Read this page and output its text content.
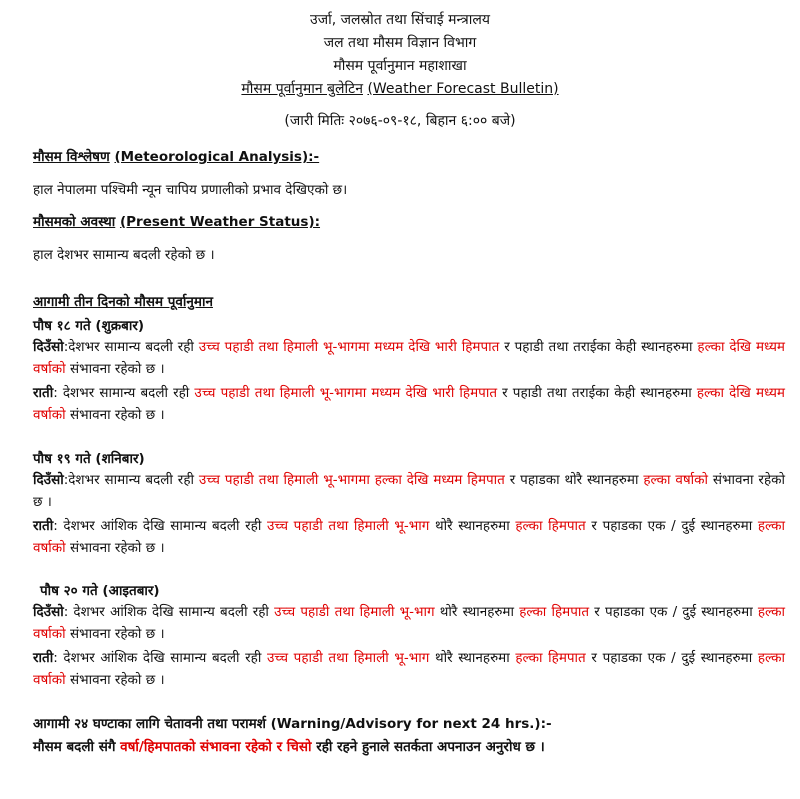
उर्जा, जलस्रोत तथा सिंचाई मन्त्रालय
जल तथा मौसम विज्ञान विभाग
मौसम पूर्वानुमान महाशाखा
मौसम पूर्वानुमान बुलेटिन (Weather Forecast Bulletin)
(जारी मितिः २०७६-०९-१८, बिहान ६:०० बजे)
मौसम विश्लेषण (Meteorological Analysis):-
हाल नेपालमा पश्चिमी न्यून चापिय प्रणालीको प्रभाव देखिएको छ।
मौसमको अवस्था (Present Weather Status):
हाल देशभर सामान्य बदली रहेको छ ।
आगामी तीन दिनको मौसम पूर्वानुमान
पौष १८ गते (शुक्रबार)
दिउँसो:देशभर सामान्य बदली रही उच्च पहाडी तथा हिमाली भू-भागमा मध्यम देखि भारी हिमपात र पहाडी तथा तराईका केही स्थानहरुमा हल्का देखि मध्यम वर्षाको संभावना रहेको छ ।
राती: देशभर सामान्य बदली रही उच्च पहाडी तथा हिमाली भू-भागमा मध्यम देखि भारी हिमपात र पहाडी तथा तराईका केही स्थानहरुमा हल्का देखि मध्यम वर्षाको संभावना रहेको छ ।
पौष १९ गते (शनिबार)
दिउँसो:देशभर सामान्य बदली रही उच्च पहाडी तथा हिमाली भू-भागमा हल्का देखि मध्यम हिमपात र पहाडका थोरै स्थानहरुमा हल्का वर्षाको संभावना रहेको छ ।
राती: देशभर आंशिक देखि सामान्य बदली रही उच्च पहाडी तथा हिमाली भू-भाग थोरै स्थानहरुमा हल्का हिमपात र पहाडका एक / दुई स्थानहरुमा हल्का वर्षाको संभावना रहेको छ ।
पौष २० गते (आइतबार)
दिउँसो: देशभर आंशिक देखि सामान्य बदली रही उच्च पहाडी तथा हिमाली भू-भाग थोरै स्थानहरुमा हल्का हिमपात र पहाडका एक / दुई स्थानहरुमा हल्का वर्षाको संभावना रहेको छ ।
राती: देशभर आंशिक देखि सामान्य बदली रही उच्च पहाडी तथा हिमाली भू-भाग थोरै स्थानहरुमा हल्का हिमपात र पहाडका एक / दुई स्थानहरुमा हल्का वर्षाको संभावना रहेको छ ।
आगामी २४ घण्टाका लागि चेतावनी तथा परामर्श (Warning/Advisory for next 24 hrs.):-
मौसम बदली संगै वर्षा/हिमपातको संभावना रहेको र चिसो रही रहने हुनाले सतर्कता अपनाउन अनुरोध छ ।
